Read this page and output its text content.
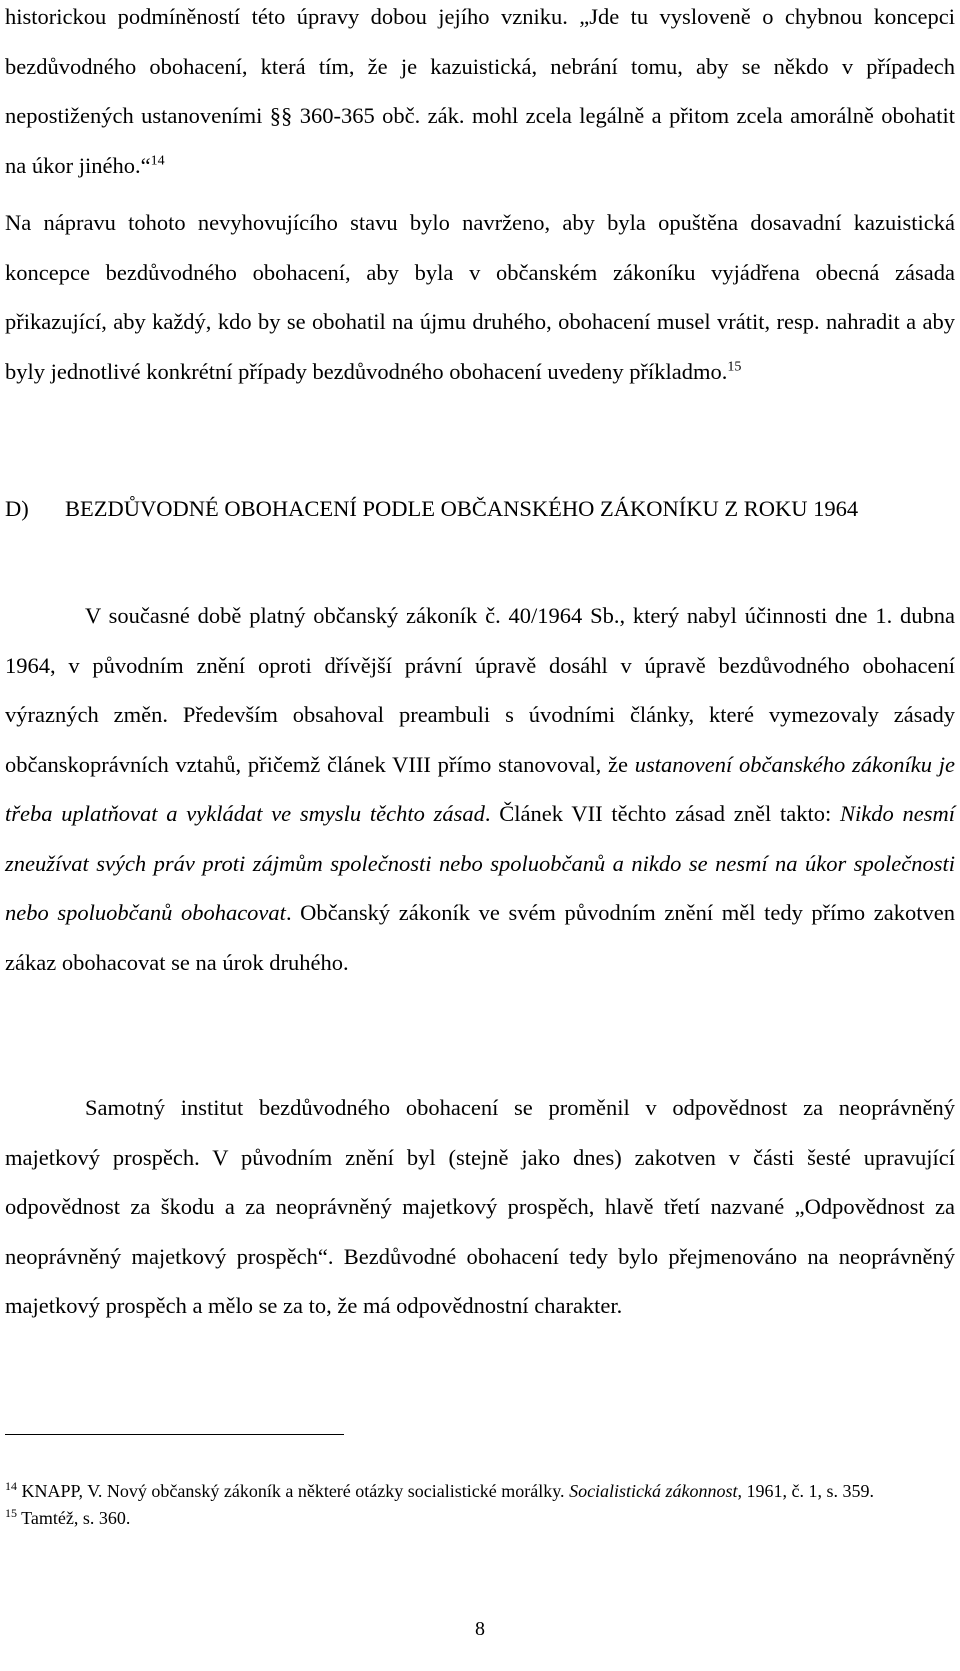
historickou podmíněností této úpravy dobou jejího vzniku. „Jde tu vysloveně o chybnou koncepci bezdůvodného obohacení, která tím, že je kazuistická, nebrání tomu, aby se někdo v případech nepostižených ustanoveními §§ 360-365 obč. zák. mohl zcela legálně a přitom zcela amorálně obohatit na úkor jiného.“$^{14}$

Na nápravu tohoto nevyhovujícího stavu bylo navrženo, aby byla opuštěna dosavadní kazuistická koncepce bezdůvodného obohacení, aby byla v občanském zákoníku vyjádřena obecná zásada přikazující, aby každý, kdo by se obohatil na újmu druhého, obohacení musel vrátit, resp. nahradit a aby byly jednotlivé konkrétní případy bezdůvodného obohacení uvedeny příkladmo.$^{15}$

D) BEZDŮVODNÉ OBOHACENÍ PODLE OBČANSKÉHO ZÁKONÍKU Z ROKU 1964

V současné době platný občanský zákoník č. 40/1964 Sb., který nabyl účinnosti dne 1. dubna 1964, v původním znění oproti dřívější právní úpravě dosáhl v úpravě bezdůvodného obohacení výrazných změn. Především obsahoval preambuli s úvodními články, které vymezovaly zásady občanskoprávních vztahů, přičemž článek VIII přímo stanovoval, že ustanovení občanského zákoníku je třeba uplatňovat a vykládat ve smyslu těchto zásad. Článek VII těchto zásad zněl takto: Nikdo nesmí zneužívat svých práv proti zájmům společnosti nebo spoluobčanů a nikdo se nesmí na úkor společnosti nebo spoluobčanů obohacovat. Občanský zákoník ve svém původním znění měl tedy přímo zakotven zákaz obohacovat se na úrok druhého.

Samotný institut bezdůvodného obohacení se proměnil v odpovědnost za neoprávněný majetkový prospěch. V původním znění byl (stejně jako dnes) zakotven v části šesté upravující odpovědnost za škodu a za neoprávněný majetkový prospěch, hlavě třetí nazvané „Odpovědnost za neoprávněný majetkový prospěch“. Bezdůvodné obohacení tedy bylo přejmenováno na neoprávněný majetkový prospěch a mělo se za to, že má odpovědnostní charakter.

$^{14}$ KNAPP, V. Nový občanský zákoník a některé otázky socialistické morálky. Socialistická zákonnost, 1961, č. 1, s. 359.

$^{15}$ Tamtéž, s. 360.

8
